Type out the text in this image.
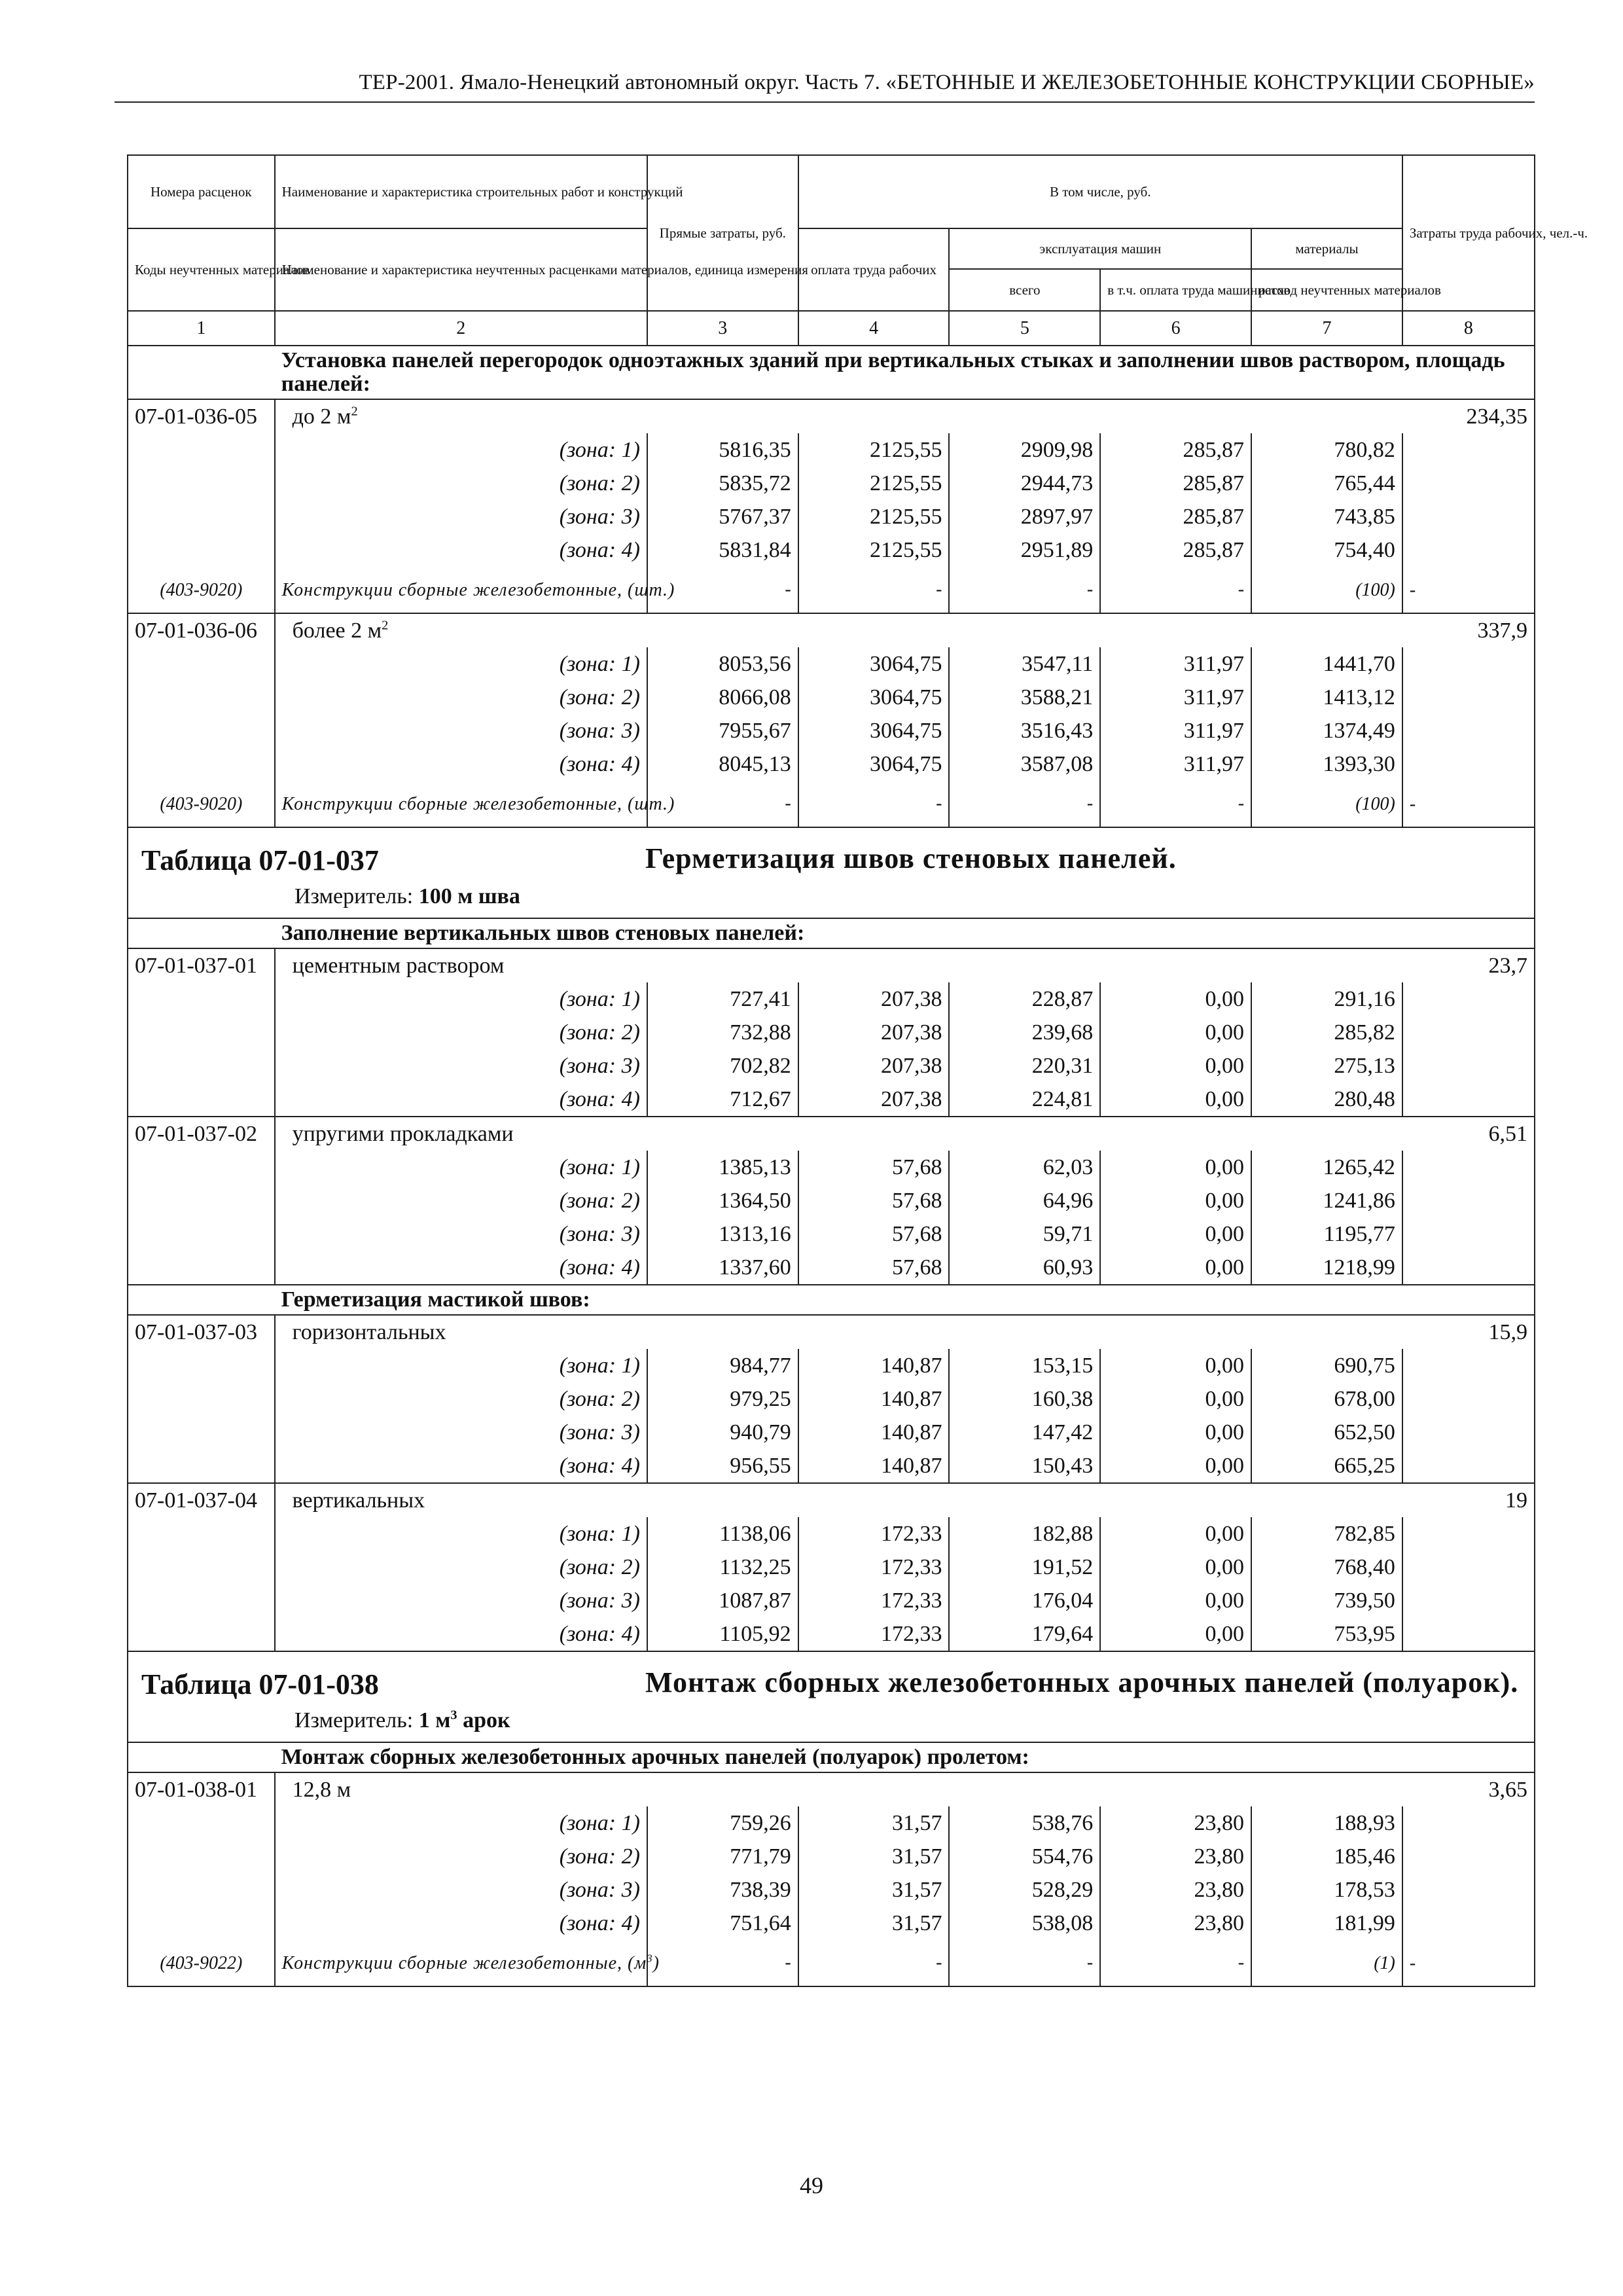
ТЕР-2001. Ямало-Ненецкий автономный округ. Часть 7. «БЕТОННЫЕ И ЖЕЛЕЗОБЕТОННЫЕ КОНСТРУКЦИИ СБОРНЫЕ»
Номера расценок	Наименование и характеристика строительных работ и конструкций	Прямые затраты, руб.	В том числе, руб.				Затраты труда рабочих, чел.-ч.
Коды неучтенных материалов	Наименование и характеристика неучтенных расценками материалов, единица измерения		оплата труда рабочих	эксплуатация машин		материалы	
				всего	в т.ч. оплата труда машинистов	расход неучтенных материалов	
1	2	3	4	5	6	7	8
	Установка панелей перегородок одноэтажных зданий при вертикальных стыках и заполнении швов раствором, площадь панелей:						
07-01-036-05	до 2 $м^2$						234,35
	(зона: 1)	5816,35	2125,55	2909,98	285,87	780,82	
	(зона: 2)	5835,72	2125,55	2944,73	285,87	765,44	
	(зона: 3)	5767,37	2125,55	2897,97	285,87	743,85	
	(зона: 4)	5831,84	2125,55	2951,89	285,87	754,40	
(403-9020)	Конструкции сборные железобетонные, (шт.)	-	-	-	-	(100)	-
07-01-036-06	более 2 $м^2$						337,9
	(зона: 1)	8053,56	3064,75	3547,11	311,97	1441,70	
	(зона: 2)	8066,08	3064,75	3588,21	311,97	1413,12	
	(зона: 3)	7955,67	3064,75	3516,43	311,97	1374,49	
	(зона: 4)	8045,13	3064,75	3587,08	311,97	1393,30	
(403-9020)	Конструкции сборные железобетонные, (шт.)	-	-	-	-	(100)	-

Таблица 07-01-037 Герметизация швов стеновых панелей.
Измеритель: 100 м шва							

	Заполнение вертикальных швов стеновых панелей:						
07-01-037-01	цементным раствором						23,7
	(зона: 1)	727,41	207,38	228,87	0,00	291,16	
	(зона: 2)	732,88	207,38	239,68	0,00	285,82	
	(зона: 3)	702,82	207,38	220,31	0,00	275,13	
	(зона: 4)	712,67	207,38	224,81	0,00	280,48	
07-01-037-02	упругими прокладками						6,51
	(зона: 1)	1385,13	57,68	62,03	0,00	1265,42	
	(зона: 2)	1364,50	57,68	64,96	0,00	1241,86	
	(зона: 3)	1313,16	57,68	59,71	0,00	1195,77	
	(зона: 4)	1337,60	57,68	60,93	0,00	1218,99	
	Герметизация мастикой швов:						
07-01-037-03	горизонтальных						15,9
	(зона: 1)	984,77	140,87	153,15	0,00	690,75	
	(зона: 2)	979,25	140,87	160,38	0,00	678,00	
	(зона: 3)	940,79	140,87	147,42	0,00	652,50	
	(зона: 4)	956,55	140,87	150,43	0,00	665,25	
07-01-037-04	вертикальных						19
	(зона: 1)	1138,06	172,33	182,88	0,00	782,85	
	(зона: 2)	1132,25	172,33	191,52	0,00	768,40	
	(зона: 3)	1087,87	172,33	176,04	0,00	739,50	
	(зона: 4)	1105,92	172,33	179,64	0,00	753,95	

Таблица 07-01-038 Монтаж сборных железобетонных арочных панелей (полуарок).
Измеритель: 1 $м^3$ арок							

	Монтаж сборных железобетонных арочных панелей (полуарок) пролетом:						
07-01-038-01	12,8 м						3,65
	(зона: 1)	759,26	31,57	538,76	23,80	188,93	
	(зона: 2)	771,79	31,57	554,76	23,80	185,46	
	(зона: 3)	738,39	31,57	528,29	23,80	178,53	
	(зона: 4)	751,64	31,57	538,08	23,80	181,99	
(403-9022)	Конструкции сборные железобетонные, $(м^3)$	-	-	-	-	(1)	-
49
